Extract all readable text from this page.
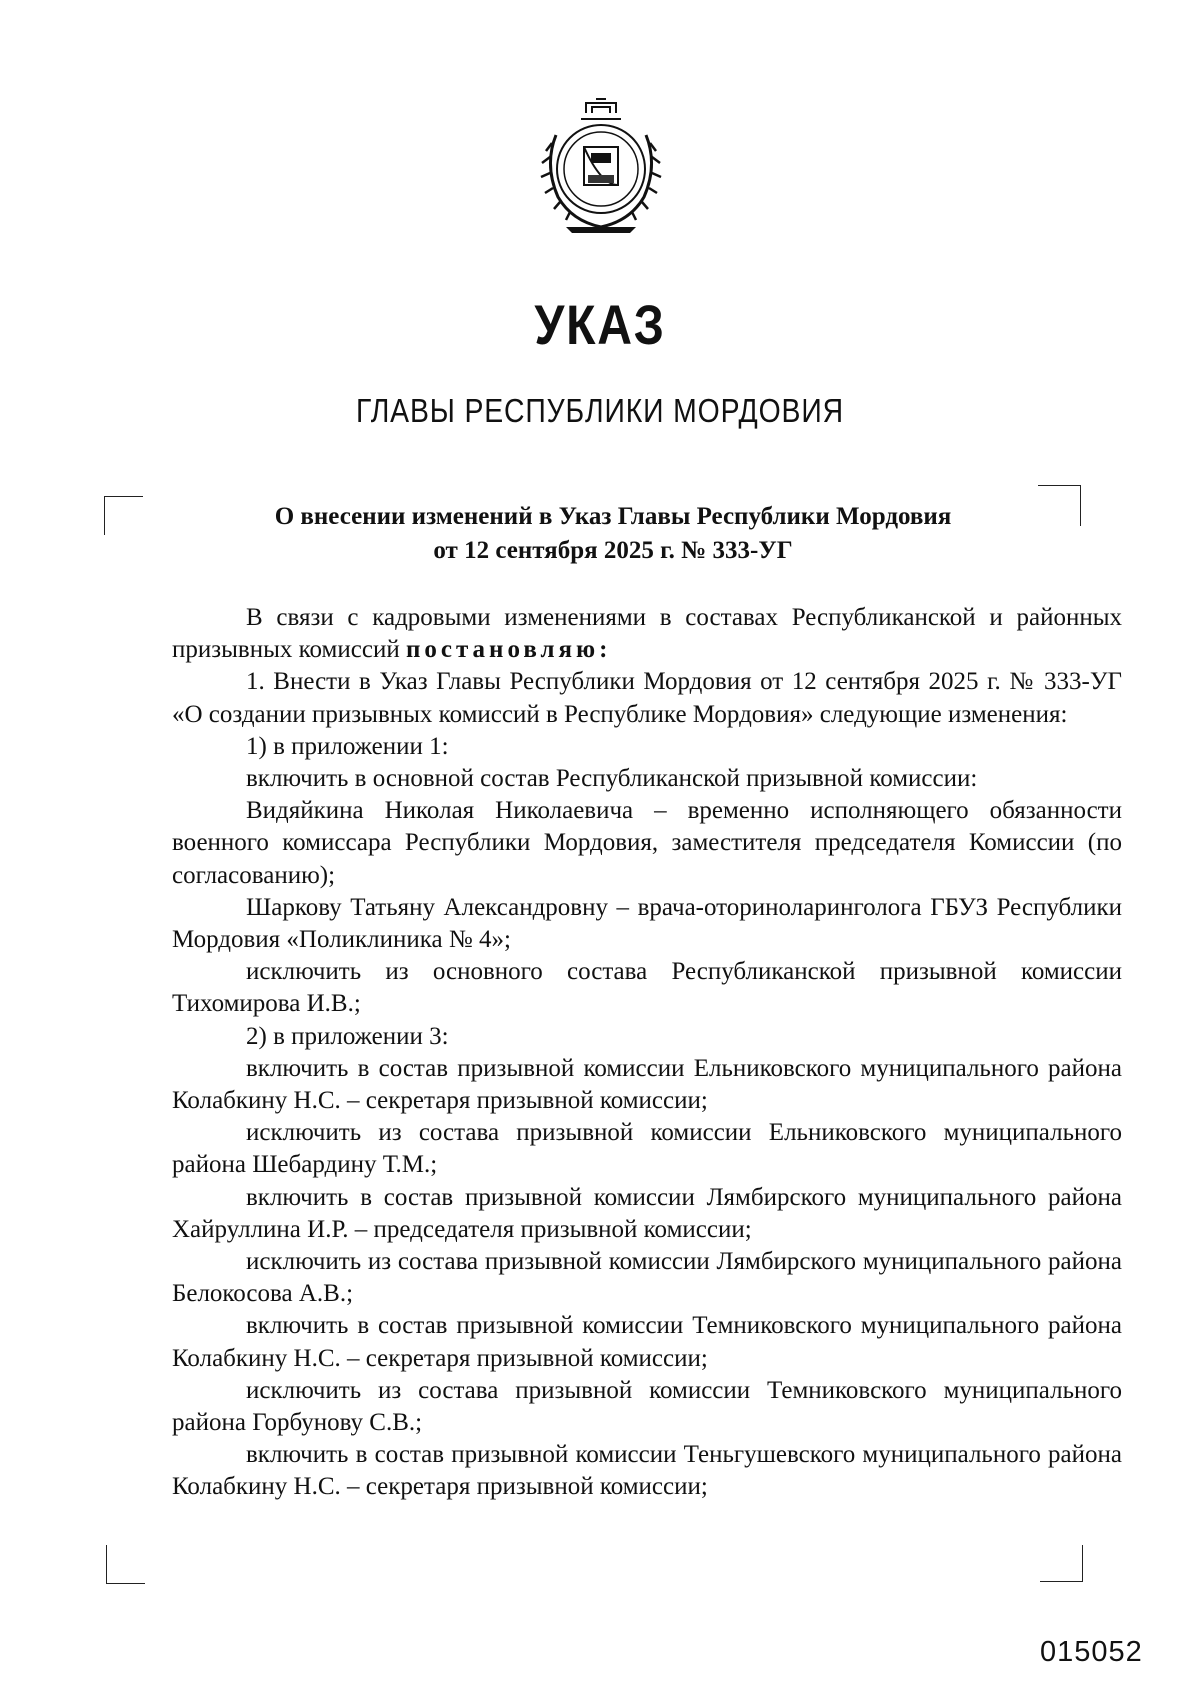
УКАЗ
ГЛАВЫ РЕСПУБЛИКИ МОРДОВИЯ
О внесении изменений в Указ Главы Республики Мордовия
от 12 сентября 2025 г. № 333-УГ

В связи с кадровыми изменениями в составах Республиканской и районных призывных комиссий постановляю:

1. Внести в Указ Главы Республики Мордовия от 12 сентября 2025 г. № 333-УГ «О создании призывных комиссий в Республике Мордовия» следующие изменения:

1) в приложении 1:

включить в основной состав Республиканской призывной комиссии:

Видяйкина Николая Николаевича – временно исполняющего обязанности военного комиссара Республики Мордовия, заместителя председателя Комиссии (по согласованию);

Шаркову Татьяну Александровну – врача-оториноларинголога ГБУЗ Республики Мордовия «Поликлиника № 4»;

исключить из основного состава Республиканской призывной комиссии Тихомирова И.В.;

2) в приложении 3:

включить в состав призывной комиссии Ельниковского муниципального района Колабкину Н.С. – секретаря призывной комиссии;

исключить из состава призывной комиссии Ельниковского муниципального района Шебардину Т.М.;

включить в состав призывной комиссии Лямбирского муниципального района Хайруллина И.Р. – председателя призывной комиссии;

исключить из состава призывной комиссии Лямбирского муниципального района Белокосова А.В.;

включить в состав призывной комиссии Темниковского муниципального района Колабкину Н.С. – секретаря призывной комиссии;

исключить из состава призывной комиссии Темниковского муниципального района Горбунову С.В.;

включить в состав призывной комиссии Теньгушевского муниципального района Колабкину Н.С. – секретаря призывной комиссии;

015052
